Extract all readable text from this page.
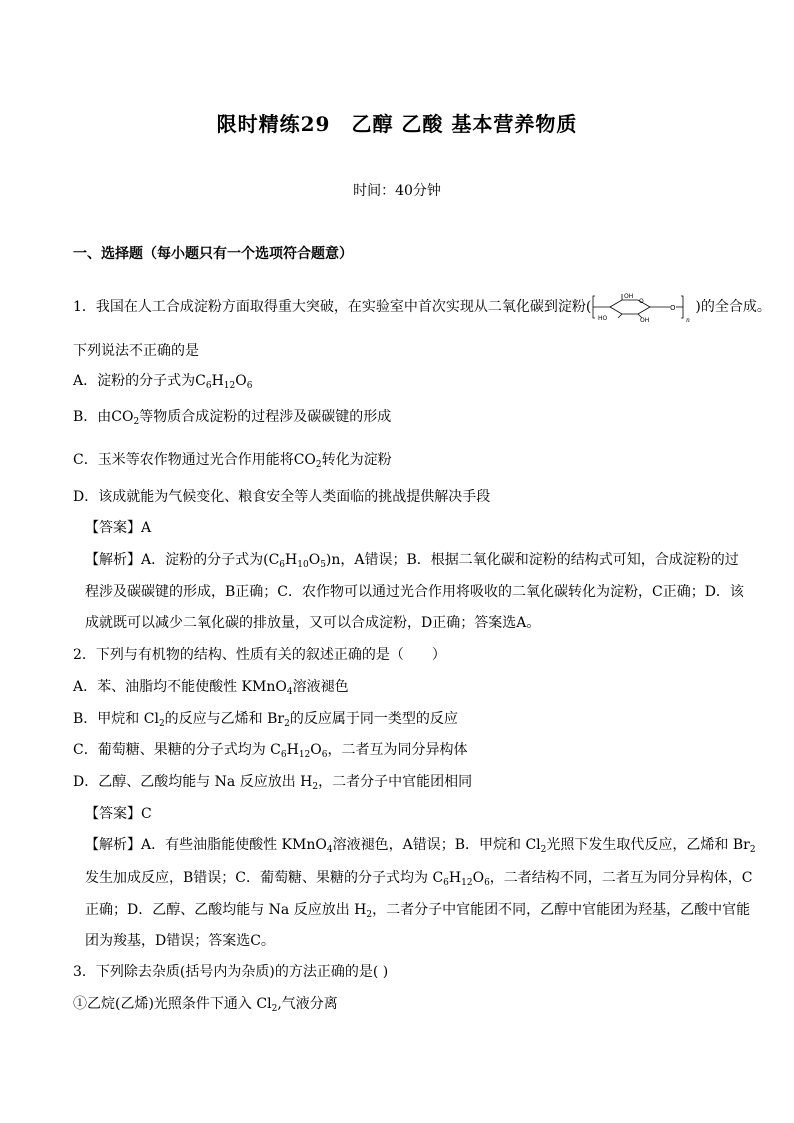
限时精练29　乙醇 乙酸 基本营养物质
时间：40分钟
一、选择题（每小题只有一个选项符合题意）
1．我国在人工合成淀粉方面取得重大突破，在实验室中首次实现从二氧化碳到淀粉(
OH
O
HO	OH
O
n
)的全合成。
下列说法不正确的是
A．淀粉的分子式为$C_6H_{12}O_6$
B．由$CO_2$等物质合成淀粉的过程涉及碳碳键的形成
C．玉米等农作物通过光合作用能将$CO_2$转化为淀粉
D．该成就能为气候变化、粮食安全等人类面临的挑战提供解决手段
【答案】A
【解析】A．淀粉的分子式为$(C_6H_{10}O_5)n$，A错误；B．根据二氧化碳和淀粉的结构式可知，合成淀粉的过
程涉及碳碳键的形成，B正确；C．农作物可以通过光合作用将吸收的二氧化碳转化为淀粉，C正确；D．该
成就既可以减少二氧化碳的排放量，又可以合成淀粉，D正确；答案选A。
2．下列与有机物的结构、性质有关的叙述正确的是（　　）
A．苯、油脂均不能使酸性 KMnO$_4$溶液褪色
B．甲烷和 $Cl_2$的反应与乙烯和 $Br_2$的反应属于同一类型的反应
C．葡萄糖、果糖的分子式均为 $C_6H_{12}O_6$，二者互为同分异构体
D．乙醇、乙酸均能与 Na 反应放出 $H_2$，二者分子中官能团相同
【答案】C
【解析】A．有些油脂能使酸性 KMnO$_4$溶液褪色，A错误；B．甲烷和 $Cl_2$光照下发生取代反应，乙烯和 $Br_2$
发生加成反应，B错误；C．葡萄糖、果糖的分子式均为 $C_6H_{12}O_6$，二者结构不同，二者互为同分异构体，C
正确；D．乙醇、乙酸均能与 Na 反应放出 $H_2$，二者分子中官能团不同，乙醇中官能团为羟基，乙酸中官能
团为羧基，D错误；答案选C。
3．下列除去杂质(括号内为杂质)的方法正确的是( )
①乙烷(乙烯)光照条件下通入 $Cl_2$,气液分离
